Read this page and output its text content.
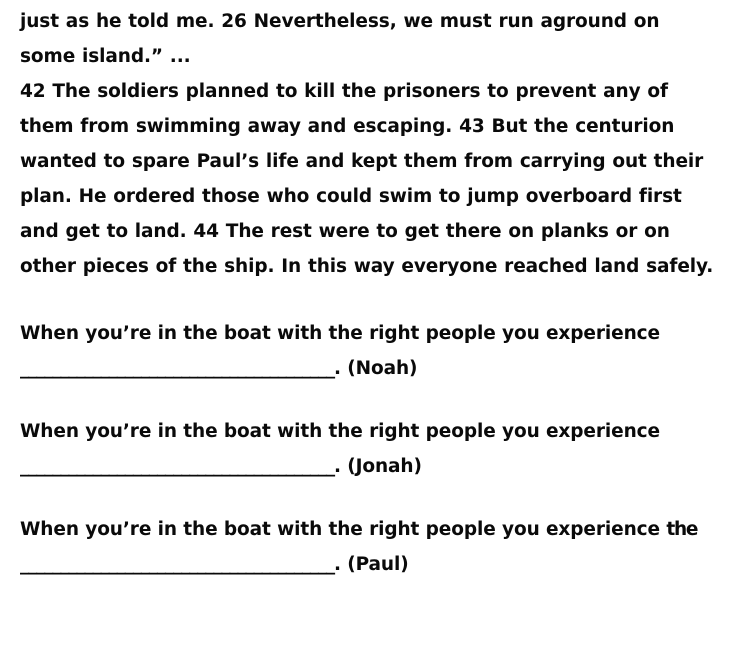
just as he told me. 26 Nevertheless, we must run aground on some island.” ...

42 The soldiers planned to kill the prisoners to prevent any of them from swimming away and escaping. 43 But the centurion wanted to spare Paul’s life and kept them from carrying out their plan. He ordered those who could swim to jump overboard first and get to land. 44 The rest were to get there on planks or on other pieces of the ship. In this way everyone reached land safely.

When you’re in the boat with the right people you experience _______________________________________. (Noah)

When you’re in the boat with the right people you experience _______________________________________. (Jonah)

When you’re in the boat with the right people you experience the _______________________________________. (Paul)
